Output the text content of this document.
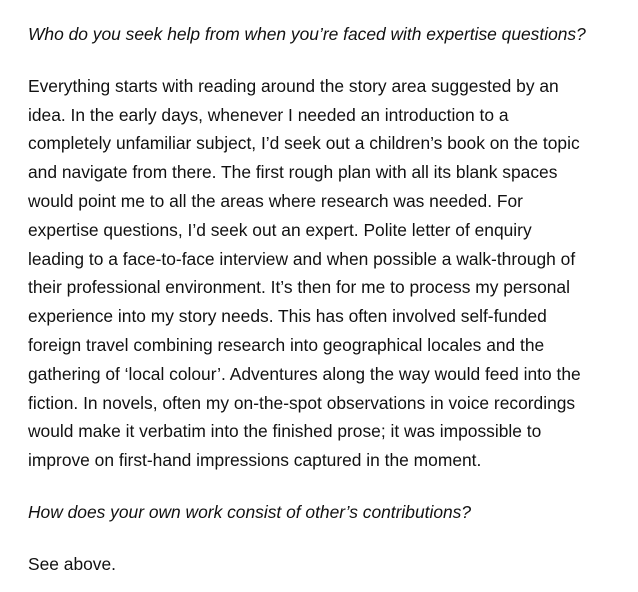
Who do you seek help from when you’re faced with expertise questions?

Everything starts with reading around the story area suggested by an
idea. In the early days, whenever I needed an introduction to a
completely unfamiliar subject, I’d seek out a children’s book on the topic
and navigate from there. The first rough plan with all its blank spaces
would point me to all the areas where research was needed. For
expertise questions, I’d seek out an expert. Polite letter of enquiry
leading to a face-to-face interview and when possible a walk-through of
their professional environment. It’s then for me to process my personal
experience into my story needs. This has often involved self-funded
foreign travel combining research into geographical locales and the
gathering of ‘local colour’. Adventures along the way would feed into the
fiction. In novels, often my on-the-spot observations in voice recordings
would make it verbatim into the finished prose; it was impossible to
improve on first-hand impressions captured in the moment.

How does your own work consist of other’s contributions?

See above.
